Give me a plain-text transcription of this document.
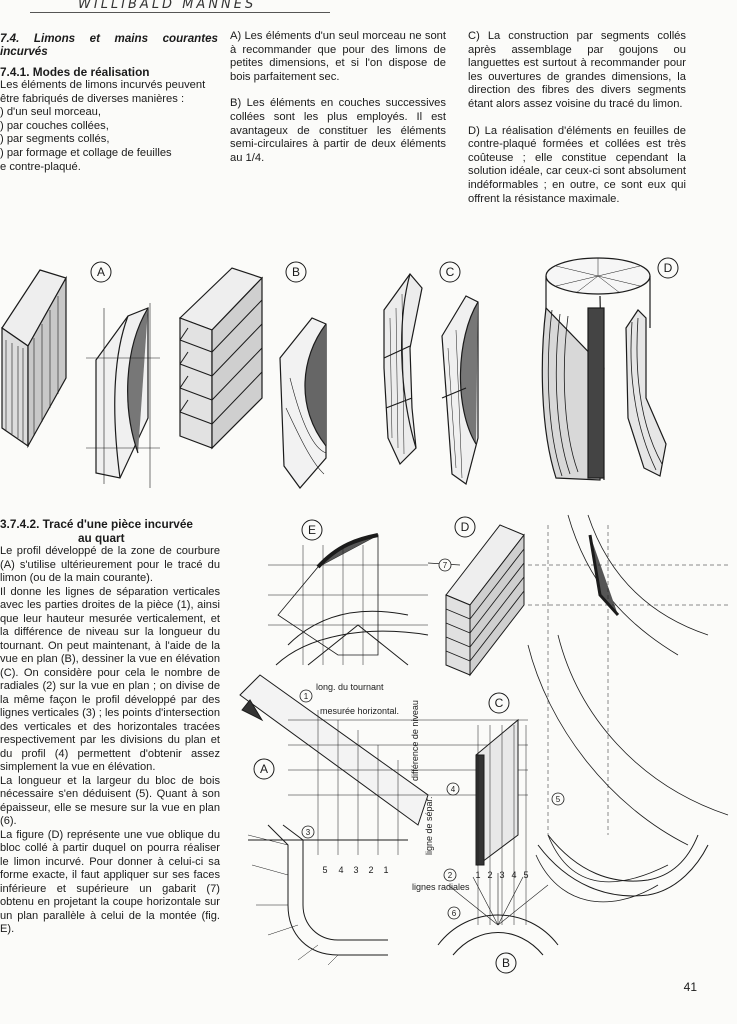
WILLIBALD MANNES
7.4. Limons et mains courantes incurvés
7.4.1. Modes de réalisation
Les éléments de limons incurvés peuvent être fabriqués de diverses manières :
) d'un seul morceau,
) par couches collées,
) par segments collés,
) par formage et collage de feuilles
e contre-plaqué.

A) Les éléments d'un seul morceau ne sont à recommander que pour des limons de petites dimensions, et si l'on dispose de bois parfaitement sec.

B) Les éléments en couches successives collées sont les plus employés. Il est avantageux de constituer les éléments semi-circulaires à partir de deux éléments au 1/4.

C) La construction par segments collés après assemblage par goujons ou languettes est surtout à recommander pour les ouvertures de grandes dimensions, la direction des fibres des divers segments étant alors assez voisine du tracé du limon.

D) La réalisation d'éléments en feuilles de contre-plaqué formées et collées est très coûteuse ; elle constitue cependant la solution idéale, car ceux-ci sont absolument indéformables ; en outre, ce sont eux qui offrent la résistance maximale.

A	B	C	D
3.7.4.2. Tracé d'une pièce incurvée
au quart
Le profil développé de la zone de courbure (A) s'utilise ultérieurement pour le tracé du limon (ou de la main courante).
Il donne les lignes de séparation verticales avec les parties droites de la pièce (1), ainsi que leur hauteur mesurée verticalement, et la différence de niveau sur la longueur du tournant. On peut maintenant, à l'aide de la vue en plan (B), dessiner la vue en élévation (C). On considère pour cela le nombre de radiales (2) sur la vue en plan ; on divise de la même façon le profil développé par des lignes verticales (3) ; les points d'intersection des verticales et des horizontales tracées respectivement par les divisions du plan et du profil (4) permettent d'obtenir assez simplement la vue en élévation.
La longueur et la largeur du bloc de bois nécessaire s'en déduisent (5). Quant à son épaisseur, elle se mesure sur la vue en plan (6).
La figure (D) représente une vue oblique du bloc collé à partir duquel on pourra réaliser le limon incurvé. Pour donner à celui-ci sa forme exacte, il faut appliquer sur ses faces inférieure et supérieure un gabarit (7) obtenu en projetant la coupe horizontale sur un plan parallèle à celui de la montée (fig. E).
E	D
A
C
B
1
2
3
4
5
6
7
long. du tournant
mesurée horizontal.
lignes radiales
différence de niveau
ligne de sépar.
5 4 3 2 1	1 2 3 4 5
41
